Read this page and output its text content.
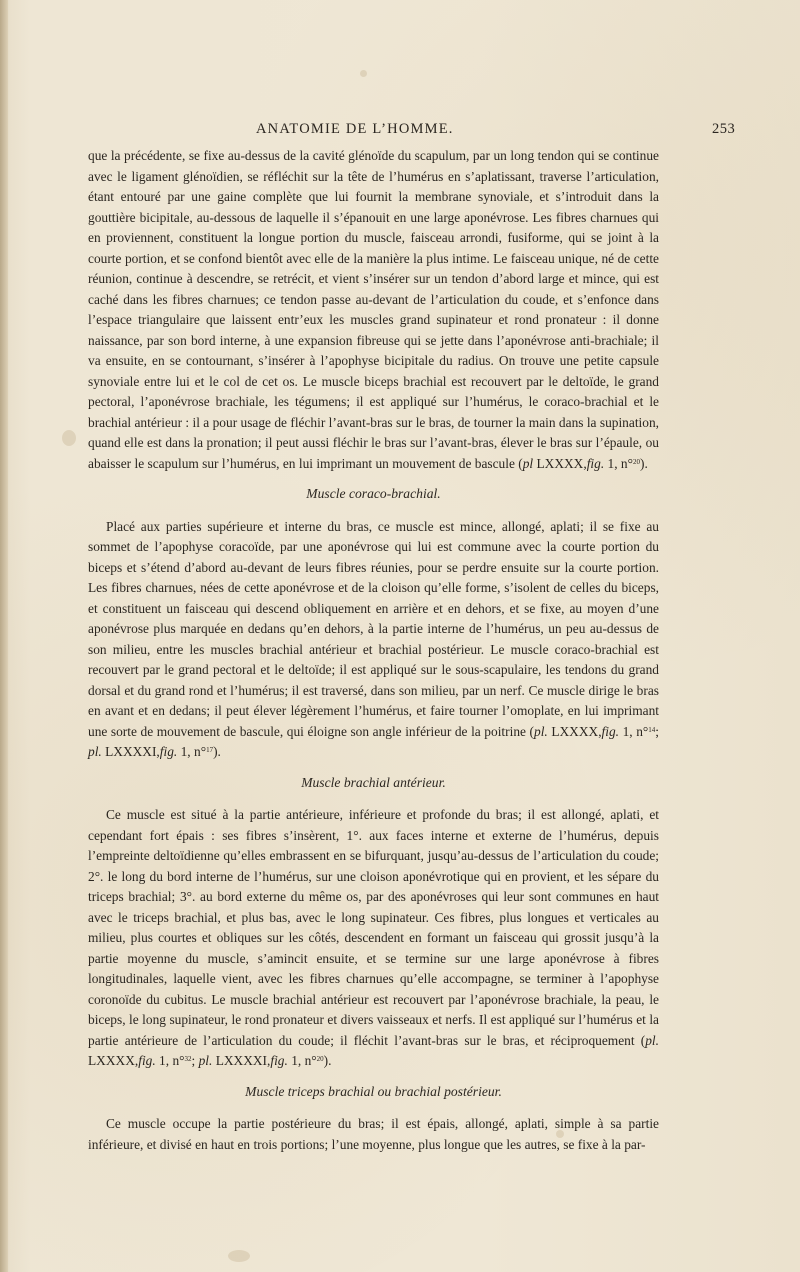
ANATOMIE DE L’HOMME.	253

que la précédente, se fixe au-dessus de la cavité glénoïde du scapulum, par un long tendon qui se continue avec le ligament glénoïdien, se réfléchit sur la tête de l’humérus en s’aplatissant, traverse l’articulation, étant entouré par une gaine complète que lui fournit la membrane synoviale, et s’introduit dans la gouttière bicipitale, au-dessous de laquelle il s’épanouit en une large aponévrose. Les fibres charnues qui en proviennent, constituent la longue portion du muscle, faisceau arrondi, fusiforme, qui se joint à la courte portion, et se confond bientôt avec elle de la manière la plus intime. Le faisceau unique, né de cette réunion, continue à descendre, se retrécit, et vient s’insérer sur un tendon d’abord large et mince, qui est caché dans les fibres charnues; ce tendon passe au-devant de l’articulation du coude, et s’enfonce dans l’espace triangulaire que laissent entr’eux les muscles grand supinateur et rond pronateur : il donne naissance, par son bord interne, à une expansion fibreuse qui se jette dans l’aponévrose anti-brachiale; il va ensuite, en se contournant, s’insérer à l’apophyse bicipitale du radius. On trouve une petite capsule synoviale entre lui et le col de cet os. Le muscle biceps brachial est recouvert par le deltoïde, le grand pectoral, l’aponévrose brachiale, les tégumens; il est appliqué sur l’humérus, le coraco-brachial et le brachial antérieur : il a pour usage de fléchir l’avant-bras sur le bras, de tourner la main dans la supination, quand elle est dans la pronation; il peut aussi fléchir le bras sur l’avant-bras, élever le bras sur l’épaule, ou abaisser le scapulum sur l’humérus, en lui imprimant un mouvement de bascule (pl LXXXX,fig. 1, n°$^{20}$).

Muscle coraco-brachial.

Placé aux parties supérieure et interne du bras, ce muscle est mince, allongé, aplati; il se fixe au sommet de l’apophyse coracoïde, par une aponévrose qui lui est commune avec la courte portion du biceps et s’étend d’abord au-devant de leurs fibres réunies, pour se perdre ensuite sur la courte portion. Les fibres charnues, nées de cette aponévrose et de la cloison qu’elle forme, s’isolent de celles du biceps, et constituent un faisceau qui descend obliquement en arrière et en dehors, et se fixe, au moyen d’une aponévrose plus marquée en dedans qu’en dehors, à la partie interne de l’humérus, un peu au-dessus de son milieu, entre les muscles brachial antérieur et brachial postérieur. Le muscle coraco-brachial est recouvert par le grand pectoral et le deltoïde; il est appliqué sur le sous-scapulaire, les tendons du grand dorsal et du grand rond et l’humérus; il est traversé, dans son milieu, par un nerf. Ce muscle dirige le bras en avant et en dedans; il peut élever légèrement l’humérus, et faire tourner l’omoplate, en lui imprimant une sorte de mouvement de bascule, qui éloigne son angle inférieur de la poitrine (pl. LXXXX,fig. 1, n°$^{14}$; pl. LXXXXI,fig. 1, n°$^{17}$).

Muscle brachial antérieur.

Ce muscle est situé à la partie antérieure, inférieure et profonde du bras; il est allongé, aplati, et cependant fort épais : ses fibres s’insèrent, 1°. aux faces interne et externe de l’humérus, depuis l’empreinte deltoïdienne qu’elles embrassent en se bifurquant, jusqu’au-dessus de l’articulation du coude; 2°. le long du bord interne de l’humérus, sur une cloison aponévrotique qui en provient, et les sépare du triceps brachial; 3°. au bord externe du même os, par des aponévroses qui leur sont communes en haut avec le triceps brachial, et plus bas, avec le long supinateur. Ces fibres, plus longues et verticales au milieu, plus courtes et obliques sur les côtés, descendent en formant un faisceau qui grossit jusqu’à la partie moyenne du muscle, s’amincit ensuite, et se termine sur une large aponévrose à fibres longitudinales, laquelle vient, avec les fibres charnues qu’elle accompagne, se terminer à l’apophyse coronoïde du cubitus. Le muscle brachial antérieur est recouvert par l’aponévrose brachiale, la peau, le biceps, le long supinateur, le rond pronateur et divers vaisseaux et nerfs. Il est appliqué sur l’humérus et la partie antérieure de l’articulation du coude; il fléchit l’avant-bras sur le bras, et réciproquement (pl. LXXXX,fig. 1, n°$^{32}$; pl. LXXXXI,fig. 1, n°$^{20}$).

Muscle triceps brachial ou brachial postérieur.

Ce muscle occupe la partie postérieure du bras; il est épais, allongé, aplati, simple à sa partie inférieure, et divisé en haut en trois portions; l’une moyenne, plus longue que les autres, se fixe à la par-
